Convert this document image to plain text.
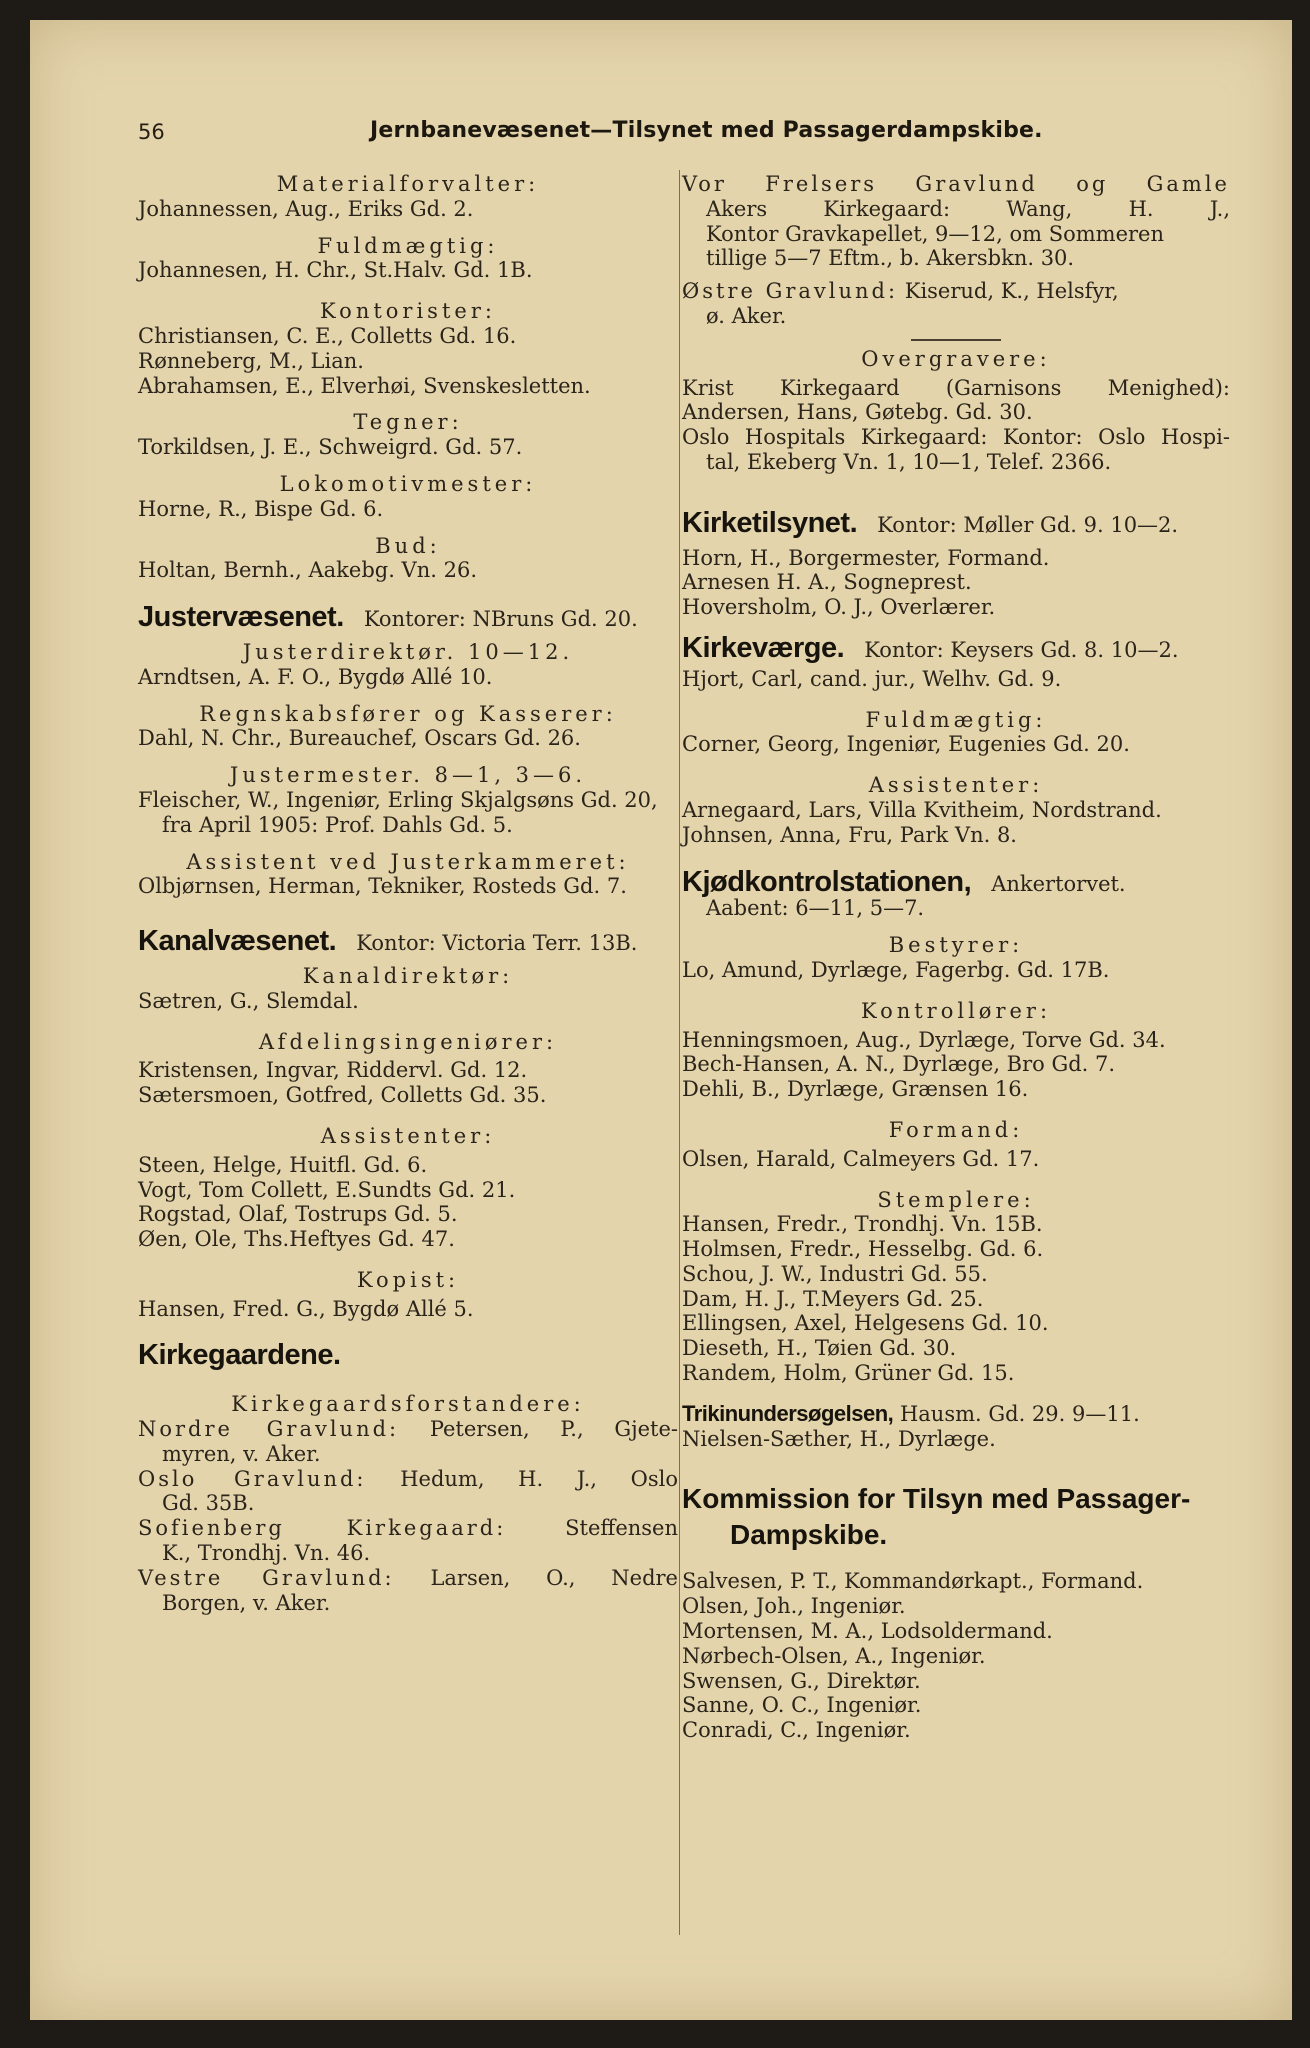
56	Jernbanevæsenet—Tilsynet med Passagerdampskibe.

Materialforvalter:

Johannessen, Aug., Eriks Gd. 2.

Fuldmægtig:

Johannesen, H. Chr., St.Halv. Gd. 1B.

Kontorister:

Christiansen, C. E., Colletts Gd. 16.

Rønneberg, M., Lian.

Abrahamsen, E., Elverhøi, Svenskesletten.

Tegner:

Torkildsen, J. E., Schweigrd. Gd. 57.

Lokomotivmester:

Horne, R., Bispe Gd. 6.

Bud:

Holtan, Bernh., Aakebg. Vn. 26.

Justervæsenet. Kontorer: NBruns Gd. 20.

Justerdirektør. 10—12.

Arndtsen, A. F. O., Bygdø Allé 10.

Regnskabsfører og Kasserer:

Dahl, N. Chr., Bureauchef, Oscars Gd. 26.

Justermester. 8—1, 3—6.

Fleischer, W., Ingeniør, Erling Skjalgsøns Gd. 20,

fra April 1905: Prof. Dahls Gd. 5.

Assistent ved Justerkammeret:

Olbjørnsen, Herman, Tekniker, Rosteds Gd. 7.

Kanalvæsenet. Kontor: Victoria Terr. 13B.

Kanaldirektør:

Sætren, G., Slemdal.

Afdelingsingeniører:

Kristensen, Ingvar, Riddervl. Gd. 12.

Sætersmoen, Gotfred, Colletts Gd. 35.

Assistenter:

Steen, Helge, Huitfl. Gd. 6.

Vogt, Tom Collett, E.Sundts Gd. 21.

Rogstad, Olaf, Tostrups Gd. 5.

Øen, Ole, Ths.Heftyes Gd. 47.

Kopist:

Hansen, Fred. G., Bygdø Allé 5.

Kirkegaardene.

Kirkegaardsforstandere:

Nordre Gravlund: Petersen, P., Gjete-

myren, v. Aker.

Oslo Gravlund: Hedum, H. J., Oslo

Gd. 35B.

Sofienberg Kirkegaard:	Steffensen

K., Trondhj. Vn. 46.

Vestre Gravlund: Larsen, O., Nedre

Borgen, v. Aker.

Vor Frelsers Gravlund og Gamle

Akers Kirkegaard: Wang, H. J.,

Kontor Gravkapellet, 9—12, om Sommeren

tillige 5—7 Eftm., b. Akersbkn. 30.

Østre Gravlund: Kiserud, K., Helsfyr,

ø. Aker.

Overgravere:

Krist Kirkegaard (Garnisons Menighed):

Andersen, Hans, Gøtebg. Gd. 30.

Oslo Hospitals Kirkegaard: Kontor: Oslo Hospi-

tal, Ekeberg Vn. 1, 10—1, Telef. 2366.

Kirketilsynet. Kontor: Møller Gd. 9. 10—2.

Horn, H., Borgermester, Formand.

Arnesen H. A., Sogneprest.

Hoversholm, O. J., Overlærer.

Kirkeværge. Kontor: Keysers Gd. 8. 10—2.

Hjort, Carl, cand. jur., Welhv. Gd. 9.

Fuldmægtig:

Corner, Georg, Ingeniør, Eugenies Gd. 20.

Assistenter:

Arnegaard, Lars, Villa Kvitheim, Nordstrand.

Johnsen, Anna, Fru, Park Vn. 8.

Kjødkontrolstationen, Ankertorvet.

Aabent: 6—11, 5—7.

Bestyrer:

Lo, Amund, Dyrlæge, Fagerbg. Gd. 17B.

Kontrollører:

Henningsmoen, Aug., Dyrlæge, Torve Gd. 34.

Bech-Hansen, A. N., Dyrlæge, Bro Gd. 7.

Dehli, B., Dyrlæge, Grænsen 16.

Formand:

Olsen, Harald, Calmeyers Gd. 17.

Stemplere:

Hansen, Fredr., Trondhj. Vn. 15B.

Holmsen, Fredr., Hesselbg. Gd. 6.

Schou, J. W., Industri Gd. 55.

Dam, H. J., T.Meyers Gd. 25.

Ellingsen, Axel, Helgesens Gd. 10.

Dieseth, H., Tøien Gd. 30.

Randem, Holm, Grüner Gd. 15.

Trikinundersøgelsen, Hausm. Gd. 29. 9—11.

Nielsen-Sæther, H., Dyrlæge.

Kommission for Tilsyn med Passager-
Dampskibe.

Salvesen, P. T., Kommandørkapt., Formand.

Olsen, Joh., Ingeniør.

Mortensen, M. A., Lodsoldermand.

Nørbech-Olsen, A., Ingeniør.

Swensen, G., Direktør.

Sanne, O. C., Ingeniør.

Conradi, C., Ingeniør.
